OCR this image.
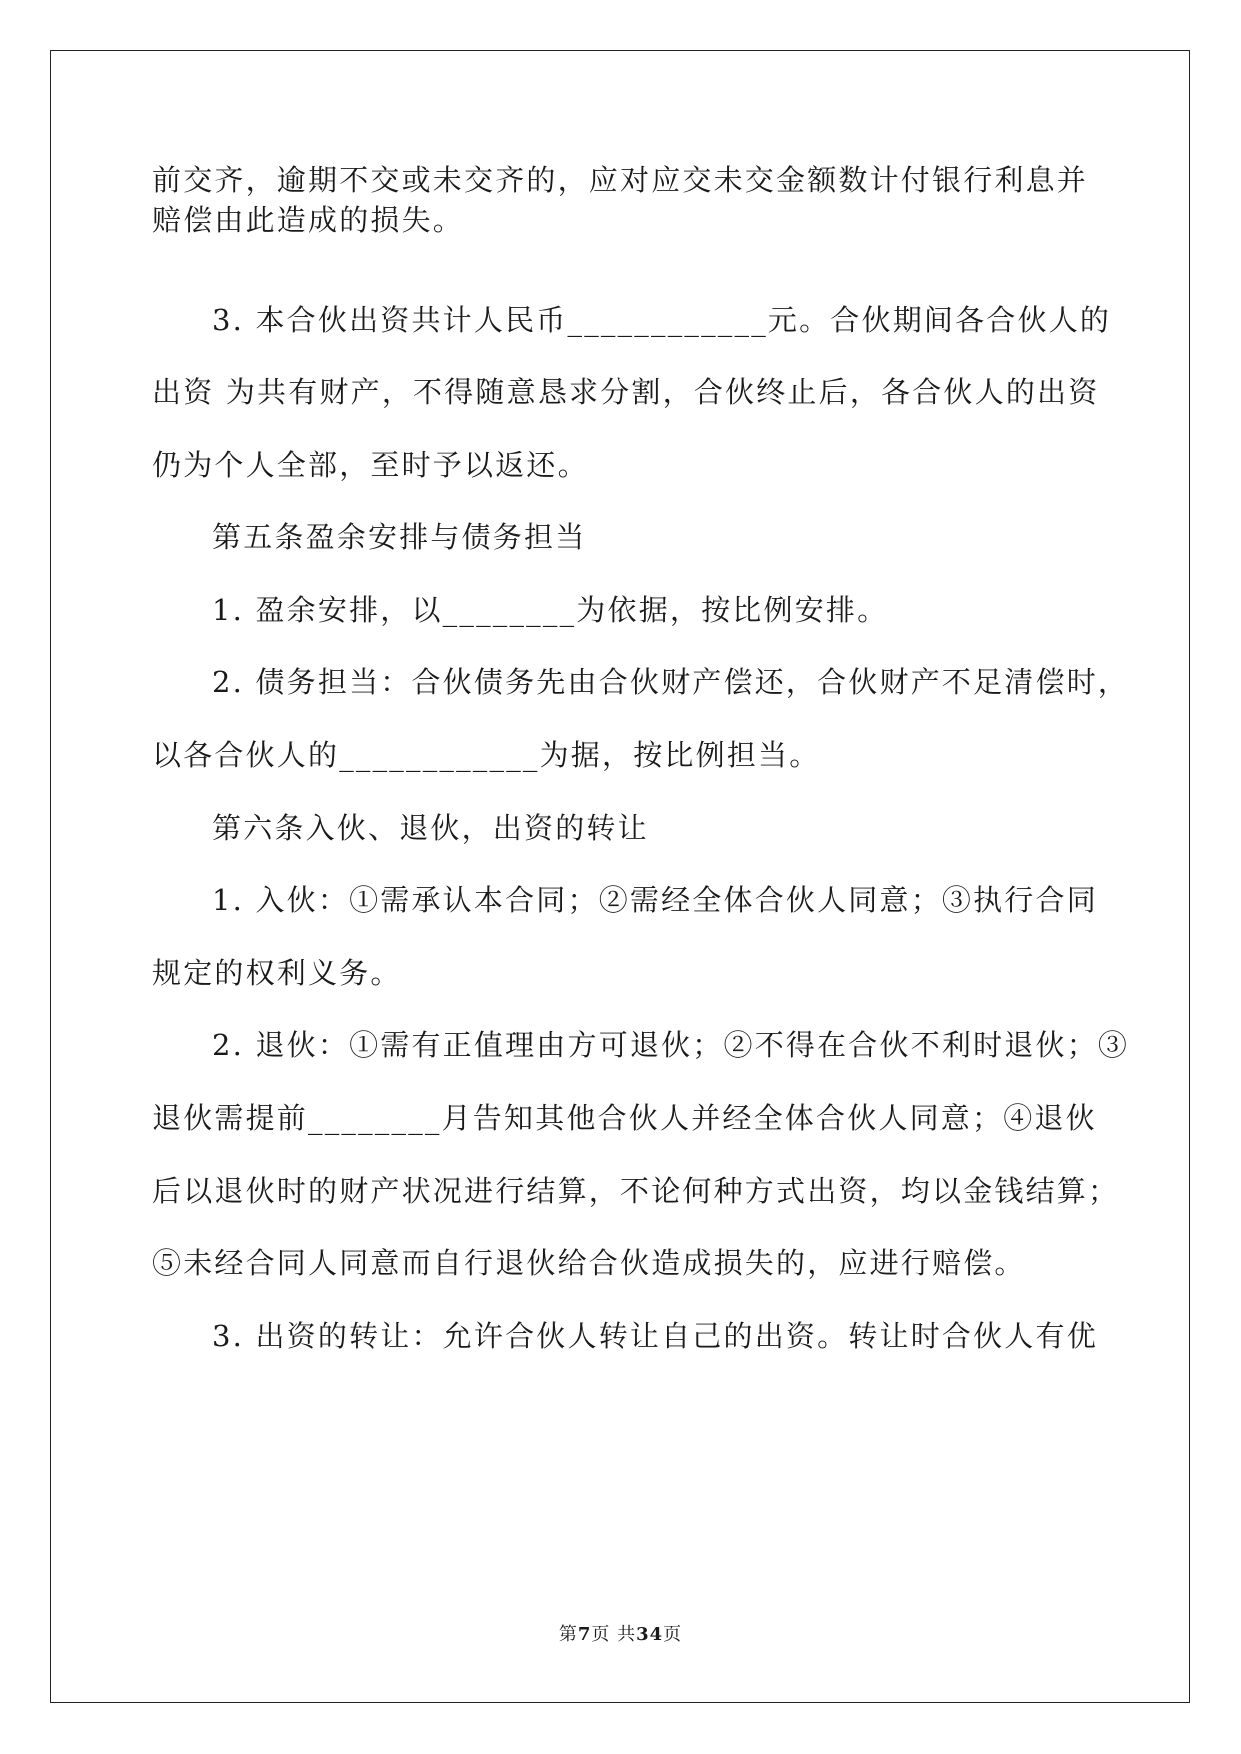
前交齐，逾期不交或未交齐的，应对应交未交金额数计付银行利息并
赔偿由此造成的损失。
3. 本合伙出资共计人民币____________元。合伙期间各合伙人的
出资 为共有财产，不得随意恳求分割，合伙终止后，各合伙人的出资
仍为个人全部，至时予以返还。
第五条盈余安排与债务担当
1. 盈余安排，以________为依据，按比例安排。
2. 债务担当：合伙债务先由合伙财产偿还，合伙财产不足清偿时，
以各合伙人的____________为据，按比例担当。
第六条入伙、退伙，出资的转让
1. 入伙：①需承认本合同；②需经全体合伙人同意；③执行合同
规定的权利义务。
2. 退伙：①需有正值理由方可退伙；②不得在合伙不利时退伙；③
退伙需提前________月告知其他合伙人并经全体合伙人同意；④退伙
后以退伙时的财产状况进行结算，不论何种方式出资，均以金钱结算；
⑤未经合同人同意而自行退伙给合伙造成损失的，应进行赔偿。
3. 出资的转让：允许合伙人转让自己的出资。转让时合伙人有优
第7页 共34页
